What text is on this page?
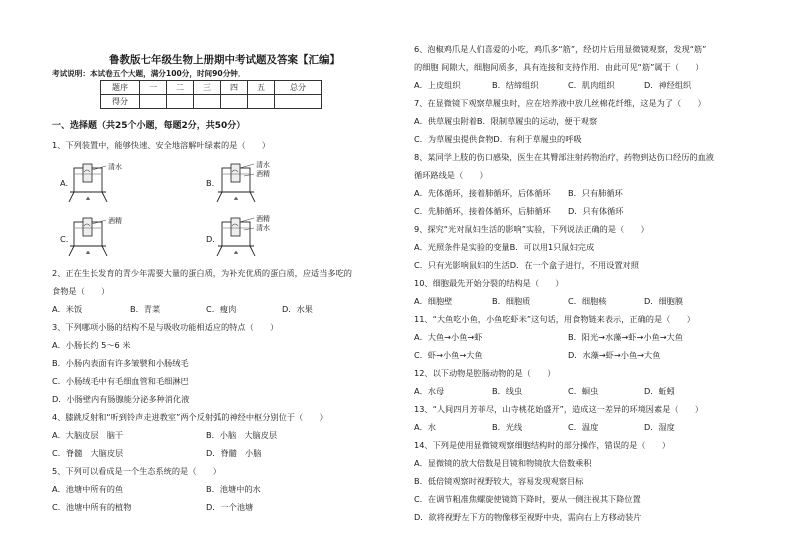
鲁教版七年级生物上册期中考试题及答案【汇编】
考试说明：本试卷五个大题，满分100分，时间90分钟．
题序	一	二	三	四	五	总分
得分						
一、选择题（共25个小题，每题2分，共50分）
1、下列装置中，能够快速、安全地溶解叶绿素的是（　　）
A.
清水
B.
清水
酒精
C.
酒精
D.
酒精
清水
2、正在生长发育的青少年需要大量的蛋白质，为补充优质的蛋白质，应适当多吃的
食物是（　　）
A．米饭	B．青菜	C．瘦肉	D．水果
3、下列哪项小肠的结构不是与吸收功能相适应的特点（　　）
A．小肠长约 5～6 米
B．小肠内表面有许多皱襞和小肠绒毛
C．小肠绒毛中有毛细血管和毛细淋巴
D．小肠壁内有肠腺能分泌多种消化液
4、膝跳反射和“听到铃声走进教室”两个反射弧的神经中枢分别位于（　　）
A．大脑皮层　脑干	B．小脑　大脑皮层
C．脊髓　大脑皮层	D．脊髓　小脑
5、下列可以看成是一个生态系统的是（　　）
A．池塘中所有的鱼	B．池塘中的水
C．池塘中所有的植物	D．一个池塘
6、泡椒鸡爪是人们喜爱的小吃，鸡爪多“筋”，经切片后用显微镜观察，发现“筋”
的细胞 间隙大，细胞间质多，具有连接和支持作用．由此可见“筋”属于（　　）
A．上皮组织	B．结缔组织	C．肌肉组织	D．神经组织
7、在显微镜下观察草履虫时，应在培养液中放几丝棉花纤维，这是为了（　　）
A．供草履虫附着B．限制草履虫的运动，便于观察
C．为草履虫提供食物D．有利于草履虫的呼吸
8、某同学上肢的伤口感染，医生在其臀部注射药物治疗，药物到达伤口经历的血液
循环路线是（　　）
A．先体循环，接着肺循环，后体循环 B．只有肺循环
C．先肺循环，接着体循环，后肺循环 D．只有体循环
9、探究“光对鼠妇生活的影响”实验，下列说法正确的是（　　）
A．光照条件是实验的变量B．可以用1只鼠妇完成
C．只有光影响鼠妇的生活D．在一个盒子进行，不用设置对照
10、细胞最先开始分裂的结构是（　　）
A．细胞壁	B．细胞质	C．细胞核	D．细胞膜
11、“大鱼吃小鱼，小鱼吃虾米”这句话，用食物链来表示，正确的是（　　）
A．大鱼→小鱼→虾	B．阳光→水藻→虾→小鱼→大鱼
C．虾→小鱼→大鱼	D．水藻→虾→小鱼→大鱼
12、以下动物是腔肠动物的是（　　）
A．水母	B．线虫	C．蛔虫	D．蚯蚓
13、“人间四月芳菲尽，山寺桃花始盛开”，造成这一差异的环境因素是（　　）
A．水	B．光线	C．温度	D．湿度
14、下列是使用显微镜观察细胞结构时的部分操作，错误的是（　　）
A．显微镜的放大倍数是目镜和物镜放大倍数乘积
B．低倍镜观察时视野较大，容易发现观察目标
C．在调节粗准焦螺旋使镜筒下降时，要从一侧注视其下降位置
D．欲将视野左下方的物像移至视野中央，需向右上方移动装片
